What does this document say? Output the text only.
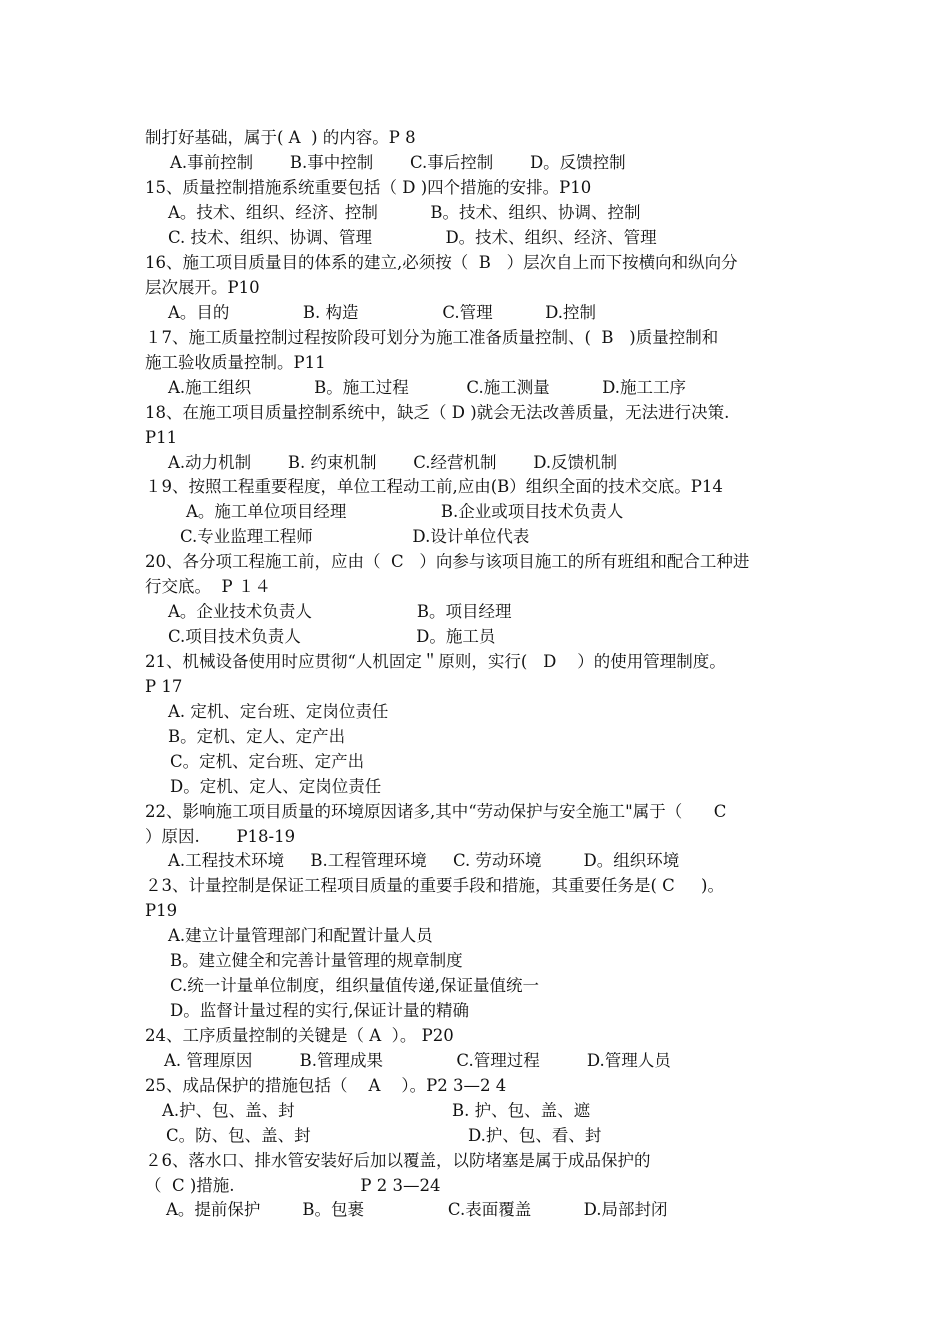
制打好基础，属于( A  ) 的内容。P 8
A.事前控制       B.事中控制       C.事后控制       D。反馈控制
15、质量控制措施系统重要包括（ D )四个措施的安排。P10
A。技术、组织、经济、控制          B。技术、组织、协调、控制
C. 技术、组织、协调、管理              D。技术、组织、经济、管理
16、施工项目质量目的体系的建立,必须按（  B   ）层次自上而下按横向和纵向分
层次展开。P10
A。目的              B. 构造                C.管理          D.控制
１7、施工质量控制过程按阶段可划分为施工准备质量控制、(  B   )质量控制和
施工验收质量控制。P11
A.施工组织            B。施工过程           C.施工测量          D.施工工序
18、在施工项目质量控制系统中，缺乏（ D )就会无法改善质量，无法进行决策.
P11
A.动力机制       B. 约束机制       C.经营机制       D.反馈机制
１9、按照工程重要程度，单位工程动工前,应由(B）组织全面的技术交底。P14
A。施工单位项目经理                  B.企业或项目技术负责人
C.专业监理工程师                   D.设计单位代表
20、各分项工程施工前，应由（  C   ）向参与该项目施工的所有班组和配合工种进
行交底。  P １４
A。企业技术负责人                    B。项目经理
C.项目技术负责人                      D。施工员
21、机械设备使用时应贯彻“人机固定＂原则，实行(   D    ）的使用管理制度。
P 17
A. 定机、定台班、定岗位责任
B。定机、定人、定产出
C。定机、定台班、定产出
D。定机、定人、定岗位责任
22、影响施工项目质量的环境原因诸多,其中“劳动保护与安全施工"属于（      C
）原因.       P18-19
A.工程技术环境     B.工程管理环境     C. 劳动环境        D。组织环境
２3、计量控制是保证工程项目质量的重要手段和措施，其重要任务是( C     )。
P19
A.建立计量管理部门和配置计量人员
B。建立健全和完善计量管理的规章制度
C.统一计量单位制度，组织量值传递,保证量值统一
D。监督计量过程的实行,保证计量的精确
24、工序质量控制的关键是（ A  ）。 P20
A. 管理原因         B.管理成果              C.管理过程         D.管理人员
25、成品保护的措施包括（    A    ）。P2 3—2 4
A.护、包、盖、封                              B. 护、包、盖、遮
C。防、包、盖、封                              D.护、包、看、封
２6、落水口、排水管安装好后加以覆盖，以防堵塞是属于成品保护的
（  C )措施.                        P 2 3—24
A。提前保护        B。包裹                C.表面覆盖          D.局部封闭
